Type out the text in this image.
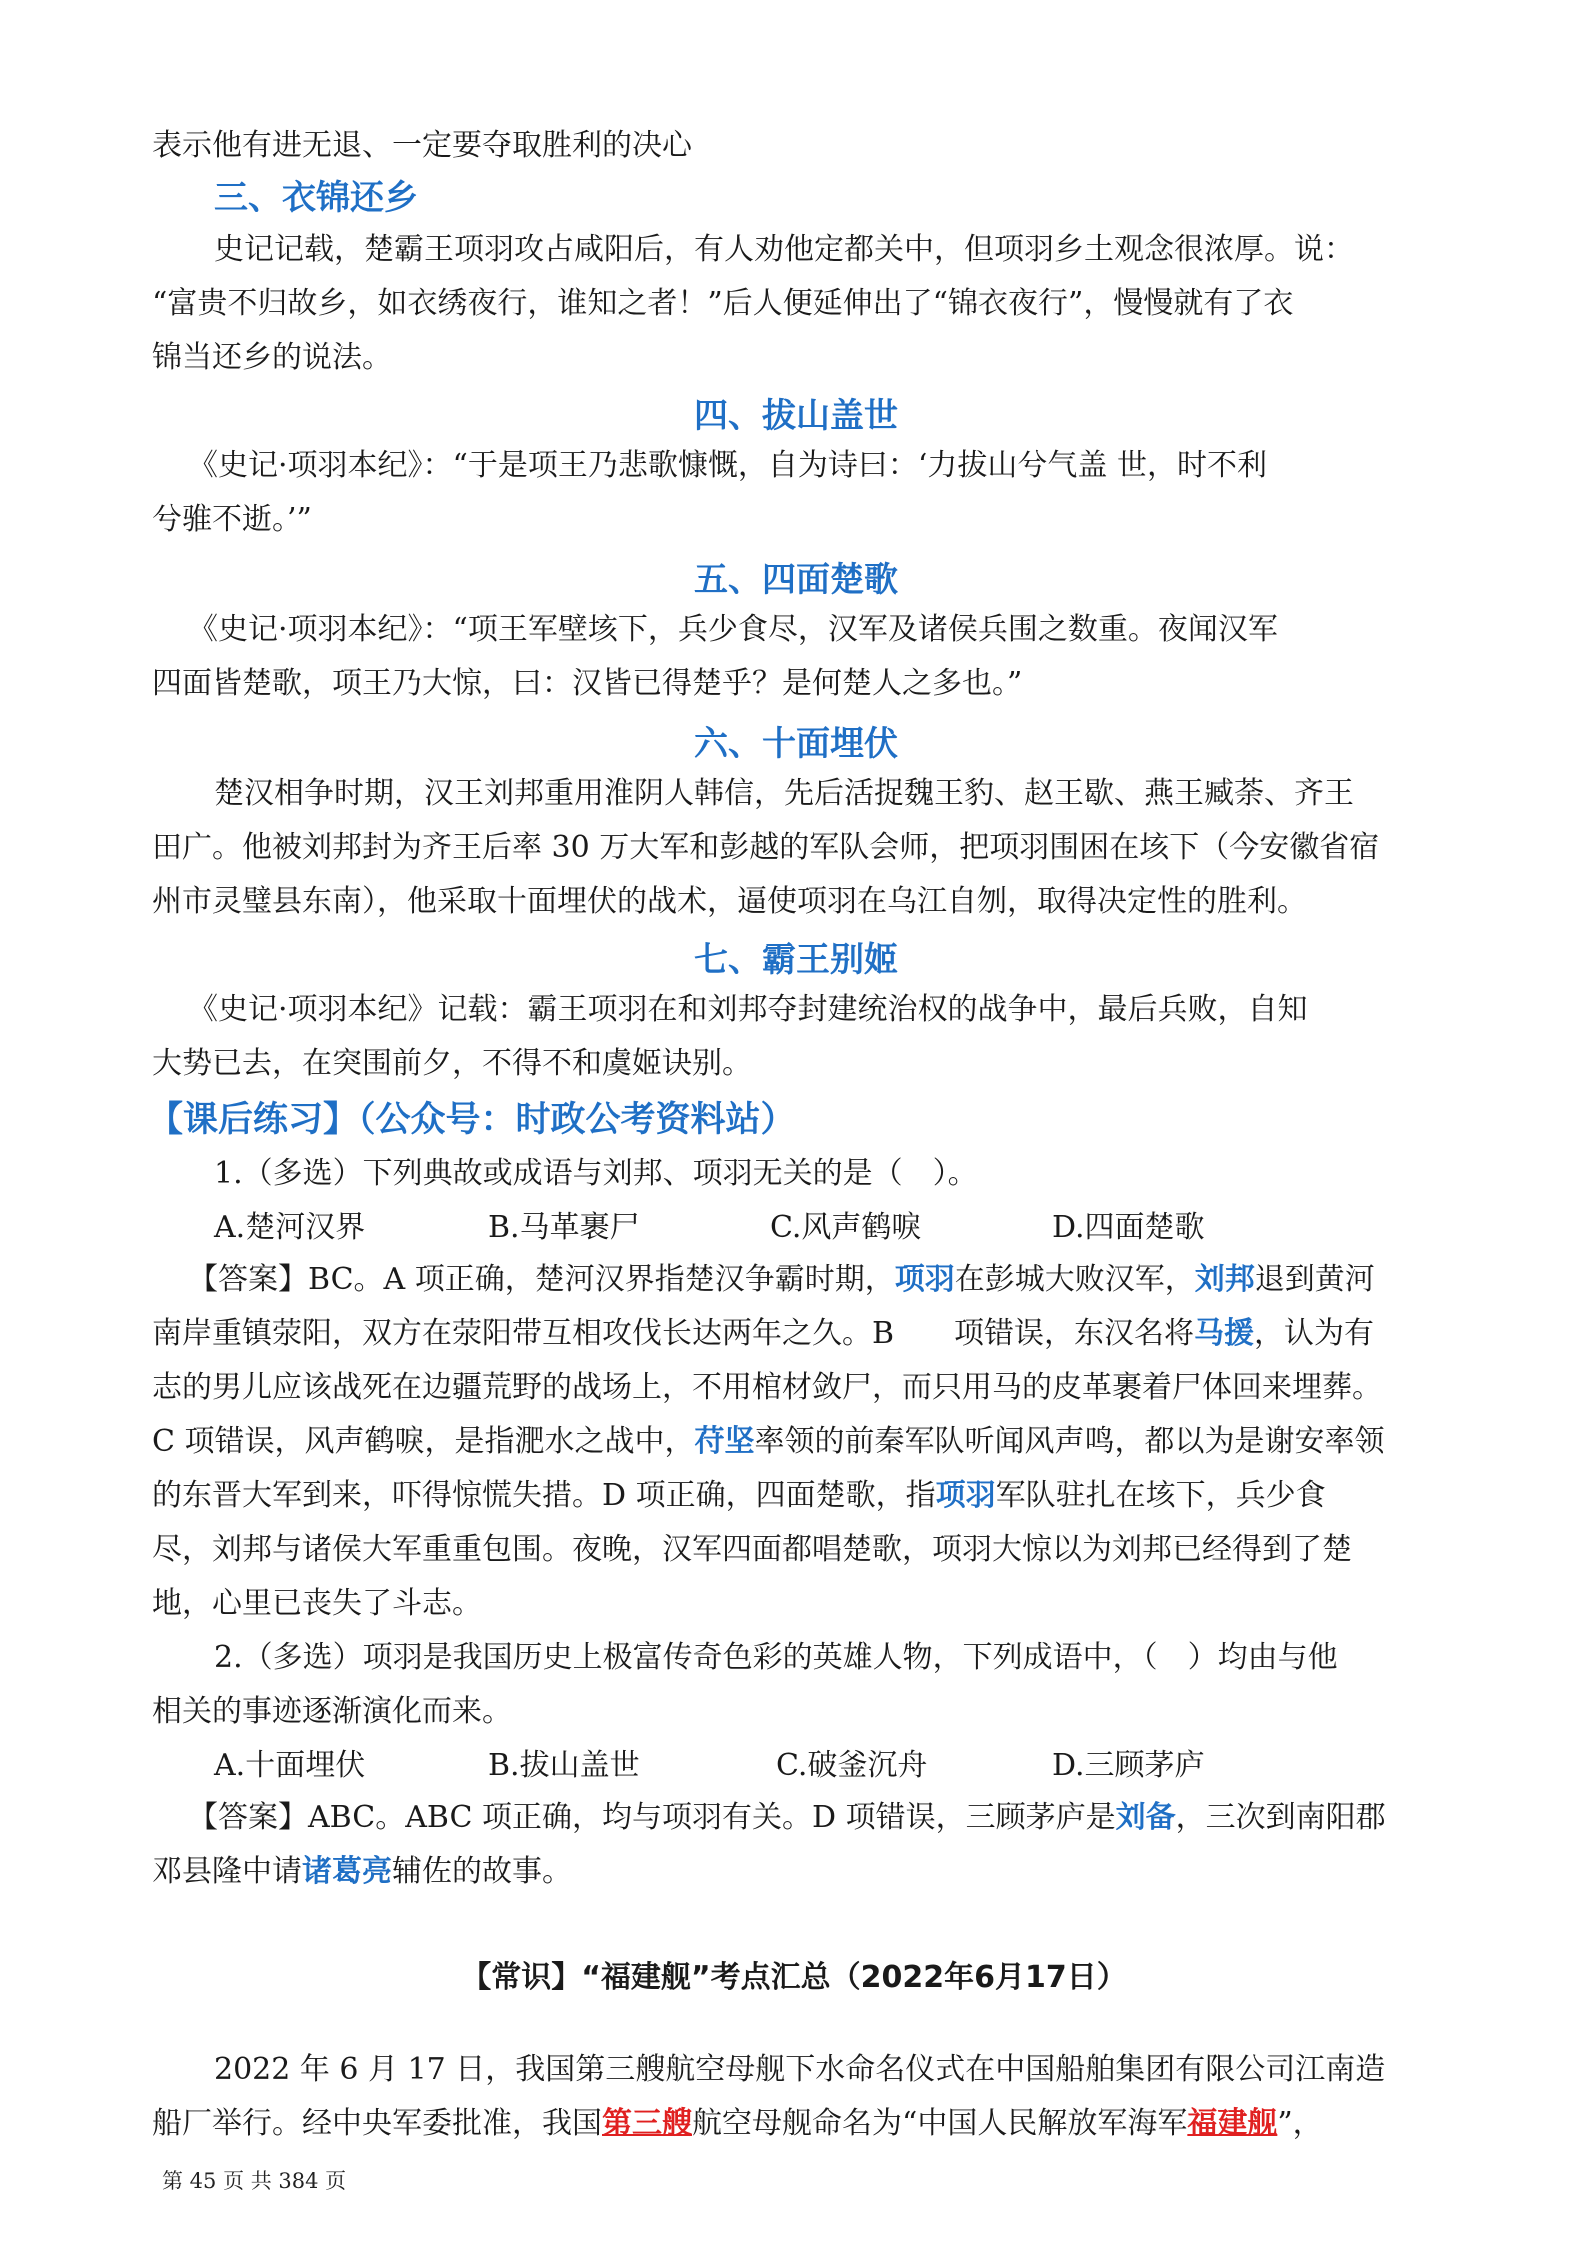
表示他有进无退、一定要夺取胜利的决心
三、衣锦还乡
史记记载，楚霸王项羽攻占咸阳后，有人劝他定都关中，但项羽乡土观念很浓厚。说：
“富贵不归故乡，如衣绣夜行，谁知之者！”后人便延伸出了“锦衣夜行”，慢慢就有了衣
锦当还乡的说法。
四、拔山盖世
《史记·项羽本纪》：“于是项王乃悲歌慷慨，自为诗曰：‘力拔山兮气盖 世，时不利
兮骓不逝。’”
五、四面楚歌
《史记·项羽本纪》：“项王军壁垓下，兵少食尽，汉军及诸侯兵围之数重。夜闻汉军
四面皆楚歌，项王乃大惊，曰：汉皆已得楚乎？是何楚人之多也。”
六、十面埋伏
楚汉相争时期，汉王刘邦重用淮阴人韩信，先后活捉魏王豹、赵王歇、燕王臧荼、齐王
田广。他被刘邦封为齐王后率 30 万大军和彭越的军队会师，把项羽围困在垓下（今安徽省宿
州市灵璧县东南），他采取十面埋伏的战术，逼使项羽在乌江自刎，取得决定性的胜利。
七、霸王别姬
《史记·项羽本纪》记载：霸王项羽在和刘邦夺封建统治权的战争中，最后兵败，自知
大势已去，在突围前夕，不得不和虞姬诀别。
【课后练习】（公众号：时政公考资料站）
1.（多选）下列典故或成语与刘邦、项羽无关的是（　）。
A.楚河汉界	B.马革裹尸	C.风声鹤唳	D.四面楚歌
【答案】BC。A 项正确，楚河汉界指楚汉争霸时期，项羽在彭城大败汉军，刘邦退到黄河
南岸重镇荥阳，双方在荥阳带互相攻伐长达两年之久。B　　项错误，东汉名将马援，认为有
志的男儿应该战死在边疆荒野的战场上，不用棺材敛尸，而只用马的皮革裹着尸体回来埋葬。
C 项错误，风声鹤唳，是指淝水之战中，苻坚率领的前秦军队听闻风声鸣，都以为是谢安率领
的东晋大军到来，吓得惊慌失措。D 项正确，四面楚歌，指项羽军队驻扎在垓下，兵少食
尽，刘邦与诸侯大军重重包围。夜晚，汉军四面都唱楚歌，项羽大惊以为刘邦已经得到了楚
地，心里已丧失了斗志。
2.（多选）项羽是我国历史上极富传奇色彩的英雄人物，下列成语中，（　）均由与他
相关的事迹逐渐演化而来。
A.十面埋伏	B.拔山盖世	C.破釜沉舟	D.三顾茅庐
【答案】ABC。ABC 项正确，均与项羽有关。D 项错误，三顾茅庐是刘备，三次到南阳郡
邓县隆中请诸葛亮辅佐的故事。
【常识】“福建舰”考点汇总（2022年6月17日）
2022 年 6 月 17 日，我国第三艘航空母舰下水命名仪式在中国船舶集团有限公司江南造
船厂举行。经中央军委批准，我国第三艘航空母舰命名为“中国人民解放军海军福建舰”，
第 45 页 共 384 页
